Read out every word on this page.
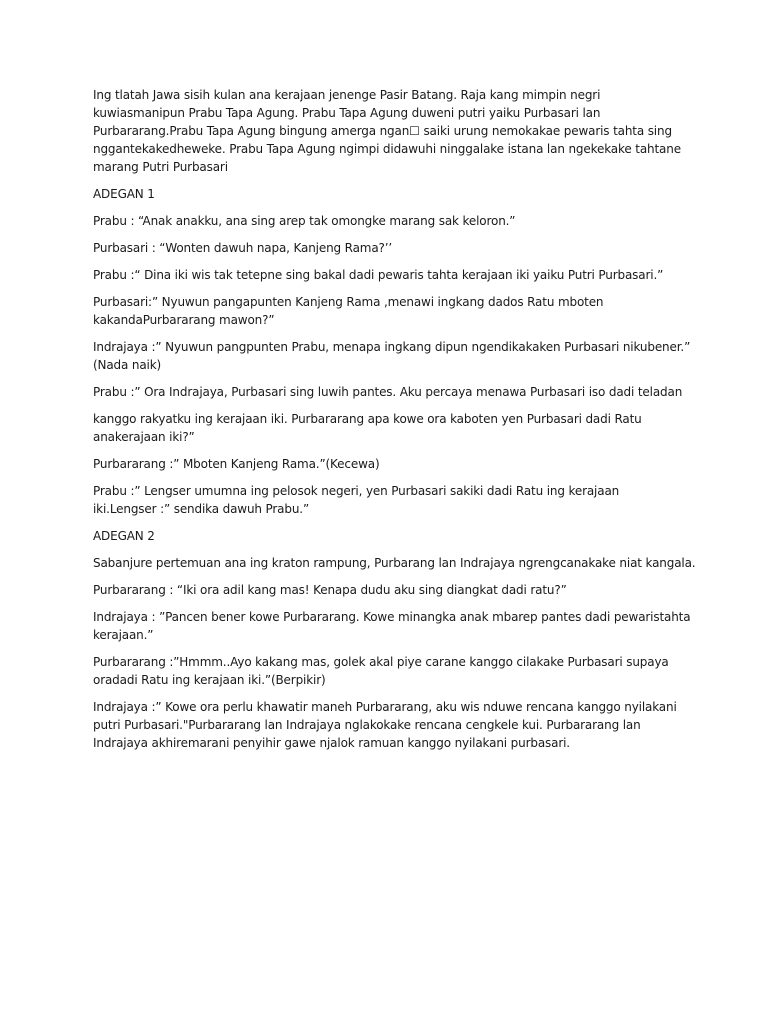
Ing tlatah Jawa sisih kulan ana kerajaan jenenge Pasir Batang. Raja kang mimpin negri
kuwiasmanipun Prabu Tapa Agung. Prabu Tapa Agung duweni putri yaiku Purbasari lan
Purbararang.Prabu Tapa Agung bingung amerga ngan☐ saiki urung nemokakae pewaris tahta sing
nggantekakedheweke. Prabu Tapa Agung ngimpi didawuhi ninggalake istana lan ngekekake tahtane
marang Putri Purbasari
ADEGAN 1
Prabu : “Anak anakku, ana sing arep tak omongke marang sak keloron.”
Purbasari : “Wonten dawuh napa, Kanjeng Rama?’’
Prabu :“ Dina iki wis tak tetepne sing bakal dadi pewaris tahta kerajaan iki yaiku Putri Purbasari.”
Purbasari:” Nyuwun pangapunten Kanjeng Rama ,menawi ingkang dados Ratu mboten
kakandaPurbararang mawon?”
Indrajaya :” Nyuwun pangpunten Prabu, menapa ingkang dipun ngendikakaken Purbasari nikubener.”
(Nada naik)
Prabu :” Ora Indrajaya, Purbasari sing luwih pantes. Aku percaya menawa Purbasari iso dadi teladan
kanggo rakyatku ing kerajaan iki. Purbararang apa kowe ora kaboten yen Purbasari dadi Ratu
anakerajaan iki?”
Purbararang :” Mboten Kanjeng Rama.”(Kecewa)
Prabu :” Lengser umumna ing pelosok negeri, yen Purbasari sakiki dadi Ratu ing kerajaan
iki.Lengser :” sendika dawuh Prabu.”
ADEGAN 2
Sabanjure pertemuan ana ing kraton rampung, Purbarang lan Indrajaya ngrengcanakake niat kangala.
Purbararang : “Iki ora adil kang mas! Kenapa dudu aku sing diangkat dadi ratu?”
Indrajaya : ”Pancen bener kowe Purbararang. Kowe minangka anak mbarep pantes dadi pewaristahta
kerajaan.”
Purbararang :”Hmmm..Ayo kakang mas, golek akal piye carane kanggo cilakake Purbasari supaya
oradadi Ratu ing kerajaan iki.”(Berpikir)
Indrajaya :” Kowe ora perlu khawatir maneh Purbararang, aku wis nduwe rencana kanggo nyilakani
putri Purbasari."Purbararang lan Indrajaya nglakokake rencana cengkele kui. Purbararang lan
Indrajaya akhiremarani penyihir gawe njalok ramuan kanggo nyilakani purbasari.
